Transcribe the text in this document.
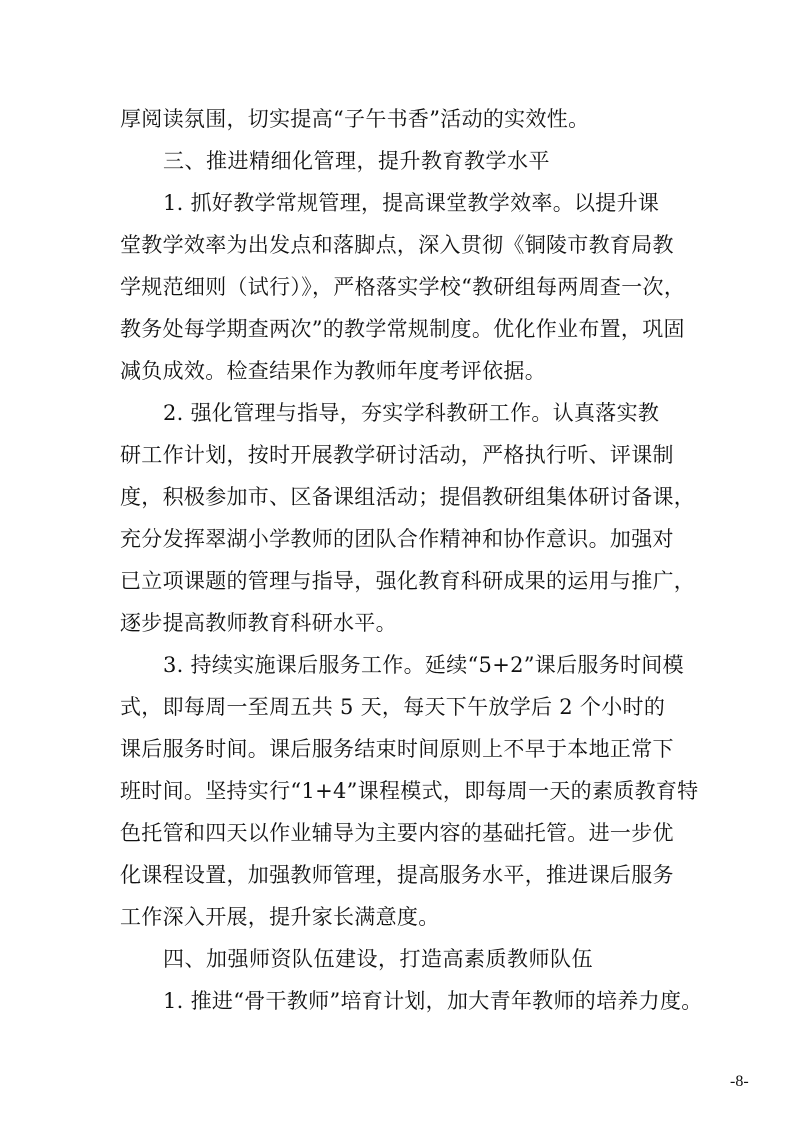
厚阅读氛围，切实提高“子午书香”活动的实效性。
三、推进精细化管理，提升教育教学水平
1. 抓好教学常规管理，提高课堂教学效率。以提升课
堂教学效率为出发点和落脚点，深入贯彻《铜陵市教育局教
学规范细则（试行）》，严格落实学校“教研组每两周查一次，
教务处每学期查两次”的教学常规制度。优化作业布置，巩固
减负成效。检查结果作为教师年度考评依据。
2. 强化管理与指导，夯实学科教研工作。认真落实教
研工作计划，按时开展教学研讨活动，严格执行听、评课制
度，积极参加市、区备课组活动；提倡教研组集体研讨备课，
充分发挥翠湖小学教师的团队合作精神和协作意识。加强对
已立项课题的管理与指导，强化教育科研成果的运用与推广，
逐步提高教师教育科研水平。
3. 持续实施课后服务工作。延续“5+2”课后服务时间模
式，即每周一至周五共 5 天，每天下午放学后 2 个小时的
课后服务时间。课后服务结束时间原则上不早于本地正常下
班时间。坚持实行“1+4”课程模式，即每周一天的素质教育特
色托管和四天以作业辅导为主要内容的基础托管。进一步优
化课程设置，加强教师管理，提高服务水平，推进课后服务
工作深入开展，提升家长满意度。
四、加强师资队伍建设，打造高素质教师队伍
1. 推进“骨干教师”培育计划，加大青年教师的培养力度。
-8-
